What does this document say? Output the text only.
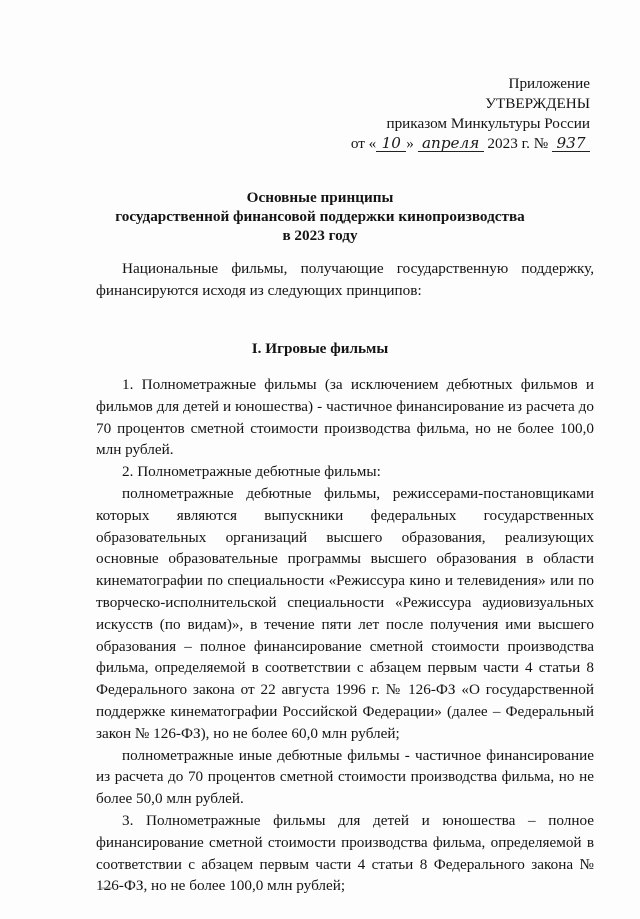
Приложение
УТВЕРЖДЕНЫ
приказом Минкультуры России
от « 10 » апреля 2023 г. № 937
Основные принципы
государственной финансовой поддержки кинопроизводства
в 2023 году

Национальные фильмы, получающие государственную поддержку, финансируются исходя из следующих принципов:

I. Игровые фильмы

1. Полнометражные фильмы (за исключением дебютных фильмов и фильмов для детей и юношества) - частичное финансирование из расчета до 70 процентов сметной стоимости производства фильма, но не более 100,0 млн рублей.

2. Полнометражные дебютные фильмы:

полнометражные дебютные фильмы, режиссерами-постановщиками которых являются выпускники федеральных государственных образовательных организаций высшего образования, реализующих основные образовательные программы высшего образования в области кинематографии по специальности «Режиссура кино и телевидения» или по творческо-исполнительской специальности «Режиссура аудиовизуальных искусств (по видам)», в течение пяти лет после получения ими высшего образования – полное финансирование сметной стоимости производства фильма, определяемой в соответствии с абзацем первым части 4 статьи 8 Федерального закона от 22 августа 1996 г. № 126-ФЗ «О государственной поддержке кинематографии Российской Федерации» (далее – Федеральный закон № 126-ФЗ), но не более 60,0 млн рублей;

полнометражные иные дебютные фильмы - частичное финансирование из расчета до 70 процентов сметной стоимости производства фильма, но не более 50,0 млн рублей.

3. Полнометражные фильмы для детей и юношества – полное финансирование сметной стоимости производства фильма, определяемой в соответствии с абзацем первым части 4 статьи 8 Федерального закона № 126-ФЗ, но не более 100,0 млн рублей;
